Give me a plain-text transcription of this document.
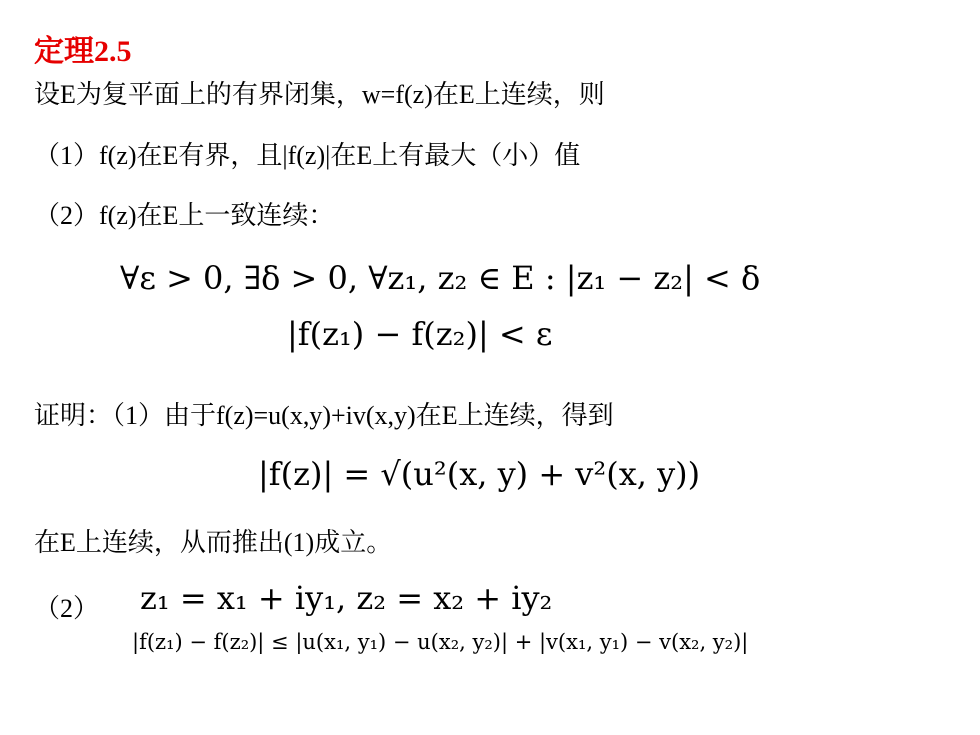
定理2.5
设E为复平面上的有界闭集，w=f(z)在E上连续，则
（1）f(z)在E有界，且|f(z)|在E上有最大（小）值
（2）f(z)在E上一致连续：
∀ε > 0, ∃δ > 0, ∀z₁, z₂ ∈ E : |z₁ − z₂| < δ
|f(z₁) − f(z₂)| < ε
证明：（1）由于f(z)=u(x,y)+iv(x,y)在E上连续，得到
|f(z)| = √(u²(x, y) + v²(x, y))
在E上连续，从而推出(1)成立。
（2） z₁ = x₁ + iy₁, z₂ = x₂ + iy₂
|f(z₁) − f(z₂)| ≤ |u(x₁, y₁) − u(x₂, y₂)| + |v(x₁, y₁) − v(x₂, y₂)|
